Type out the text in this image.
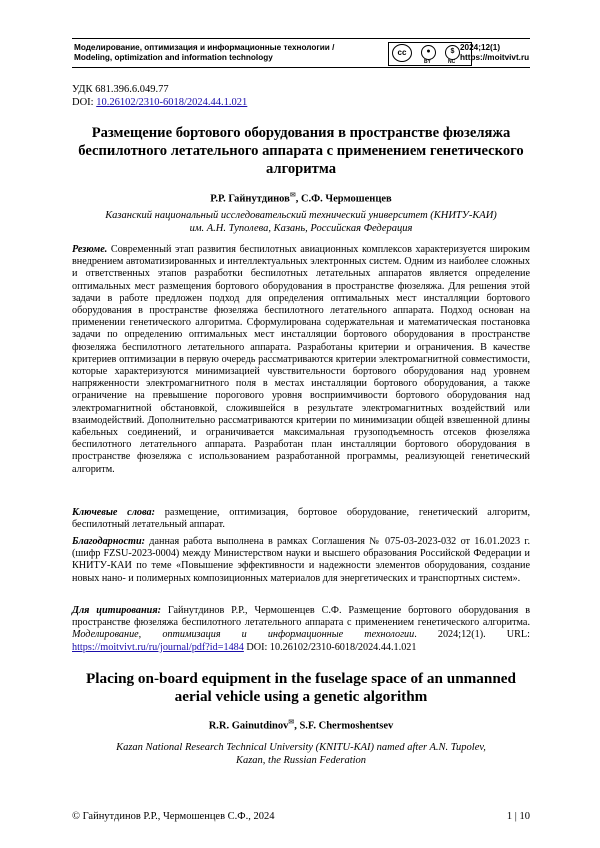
Моделирование, оптимизация и информационные технологии /
Modeling, optimization and information technology
cc	●	$
BY	NC
2024;12(1)
https://moitvivt.ru
УДК 681.396.6.049.77
DOI: 10.26102/2310-6018/2024.44.1.021
Размещение бортового оборудования в пространстве фюзеляжа беспилотного летательного аппарата с применением генетического алгоритма
Р.Р. Гайнутдинов✉, С.Ф. Чермошенцев
Казанский национальный исследовательский технический университет (КНИТУ-КАИ)
им. А.Н. Туполева, Казань, Российская Федерация
Резюме. Современный этап развития беспилотных авиационных комплексов характеризуется широким внедрением автоматизированных и интеллектуальных электронных систем. Одним из наиболее сложных и ответственных этапов разработки беспилотных летательных аппаратов является определение оптимальных мест размещения бортового оборудования в пространстве фюзеляжа. Для решения этой задачи в работе предложен подход для определения оптимальных мест инсталляции бортового оборудования в пространстве фюзеляжа беспилотного летательного аппарата. Подход основан на применении генетического алгоритма. Сформулирована содержательная и математическая постановка задачи по определению оптимальных мест инсталляции бортового оборудования в пространстве фюзеляжа беспилотного летательного аппарата. Разработаны критерии и ограничения. В качестве критериев оптимизации в первую очередь рассматриваются критерии электромагнитной совместимости, которые характеризуются минимизацией чувствительности бортового оборудования над уровнем напряженности электромагнитного поля в местах инсталляции бортового оборудования, а также ограничение на превышение порогового уровня восприимчивости бортового оборудования над электромагнитной обстановкой, сложившейся в результате электромагнитных воздействий или взаимодействий. Дополнительно рассматриваются критерии по минимизации общей взвешенной длины кабельных соединений, и ограничивается максимальная грузоподъемность отсеков фюзеляжа беспилотного летательного аппарата. Разработан план инсталляции бортового оборудования в пространстве фюзеляжа с использованием разработанной программы, реализующей генетический алгоритм.
Ключевые слова: размещение, оптимизация, бортовое оборудование, генетический алгоритм, беспилотный летательный аппарат.
Благодарности: данная работа выполнена в рамках Соглашения № 075-03-2023-032 от 16.01.2023 г. (шифр FZSU-2023-0004) между Министерством науки и высшего образования Российской Федерации и КНИТУ-КАИ по теме «Повышение эффективности и надежности элементов оборудования, создание новых нано- и полимерных композиционных материалов для энергетических и транспортных систем».
Для цитирования: Гайнутдинов Р.Р., Чермошенцев С.Ф. Размещение бортового оборудования в пространстве фюзеляжа беспилотного летательного аппарата с применением генетического алгоритма. Моделирование, оптимизация и информационные технологии. 2024;12(1). URL: https://moitvivt.ru/ru/journal/pdf?id=1484 DOI: 10.26102/2310-6018/2024.44.1.021
Placing on-board equipment in the fuselage space of an unmanned aerial vehicle using a genetic algorithm
R.R. Gainutdinov✉, S.F. Chermoshentsev
Kazan National Research Technical University (KNITU-KAI) named after A.N. Tupolev,
Kazan, the Russian Federation
© Гайнутдинов Р.Р., Чермошенцев С.Ф., 2024	1 | 10
